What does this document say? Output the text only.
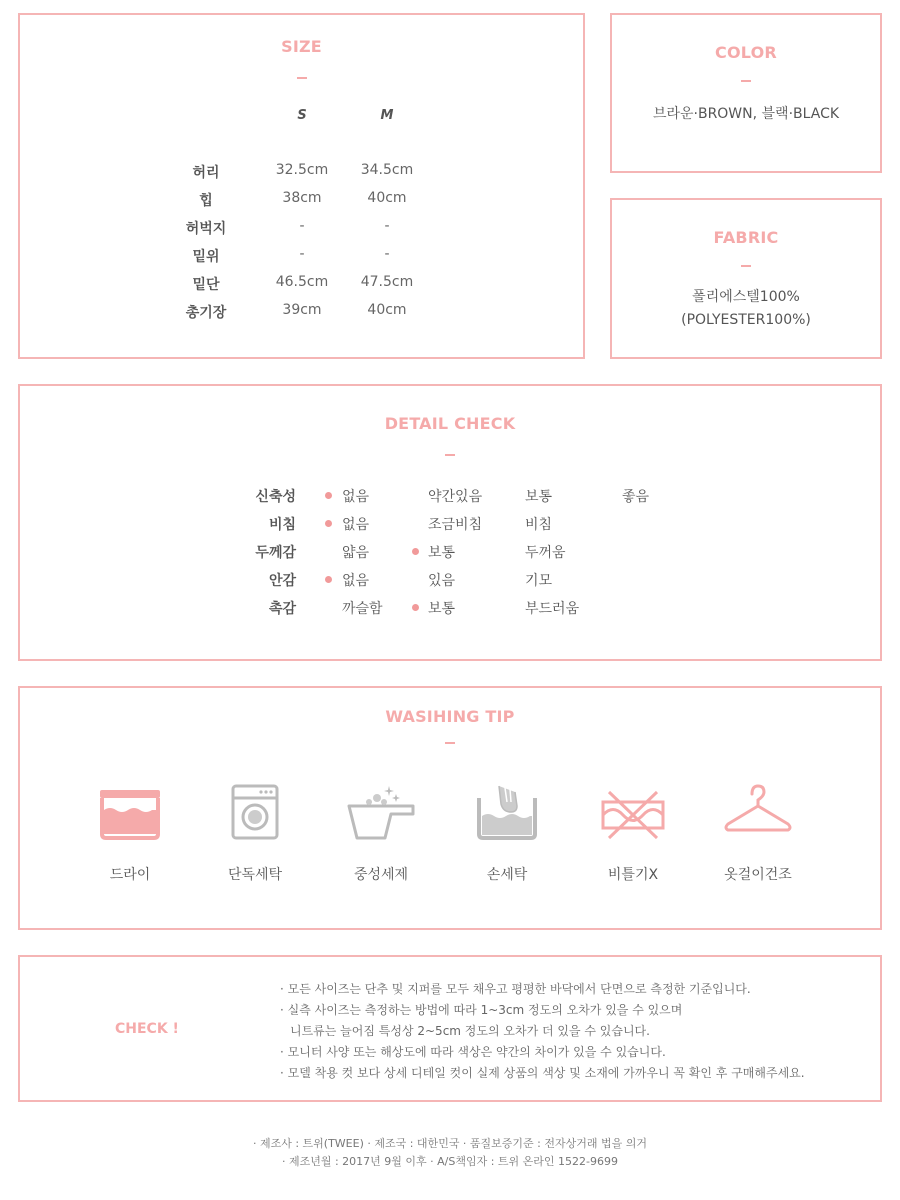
SIZE
S	M
허리	32.5cm	34.5cm
힙	38cm	40cm
허벅지	-	-
밑위	-	-
밑단	46.5cm	47.5cm
총기장	39cm	40cm
COLOR
브라운·BROWN, 블랙·BLACK
FABRIC
폴리에스텔100%
(POLYESTER100%)
DETAIL CHECK
신축성	없음	약간있음	보통	좋음
비침	없음	조금비침	비침
두께감	얇음	보통	두꺼움
안감	없음	있음	기모
촉감	까슬함	보통	부드러움
WASIHING TIP
드라이	단독세탁	중성세제	손세탁	비틀기X	옷걸이건조
CHECK !
· 모든 사이즈는 단추 및 지퍼를 모두 채우고 평평한 바닥에서 단면으로 측정한 기준입니다.
· 실측 사이즈는 측정하는 방법에 따라 1~3cm 정도의 오차가 있을 수 있으며
니트류는 늘어짐 특성상 2~5cm 정도의 오차가 더 있을 수 있습니다.
· 모니터 사양 또는 해상도에 따라 색상은 약간의 차이가 있을 수 있습니다.
· 모델 착용 컷 보다 상세 디테일 컷이 실제 상품의 색상 및 소재에 가까우니 꼭 확인 후 구매해주세요.
· 제조사 : 트위(TWEE) · 제조국 : 대한민국 · 품질보증기준 : 전자상거래 법을 의거
· 제조년월 : 2017년 9월 이후 · A/S책임자 : 트위 온라인 1522-9699
